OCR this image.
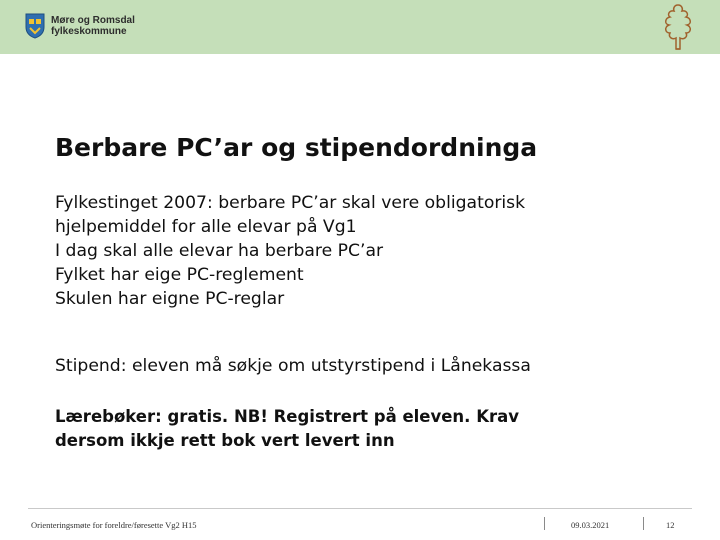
Møre og Romsdal
fylkeskommune
Berbare PC’ar og stipendordninga
Fylkestinget 2007: berbare PC’ar skal vere obligatorisk
hjelpemiddel for alle elevar på Vg1
I dag skal alle elevar ha berbare PC’ar
Fylket har eige PC-reglement
Skulen har eigne PC-reglar
Stipend: eleven må søkje om utstyrstipend i Lånekassa
Lærebøker: gratis. NB! Registrert på eleven. Krav
dersom ikkje rett bok vert levert inn
Orienteringsmøte for foreldre/føresette Vg2 H15	09.03.2021	12
